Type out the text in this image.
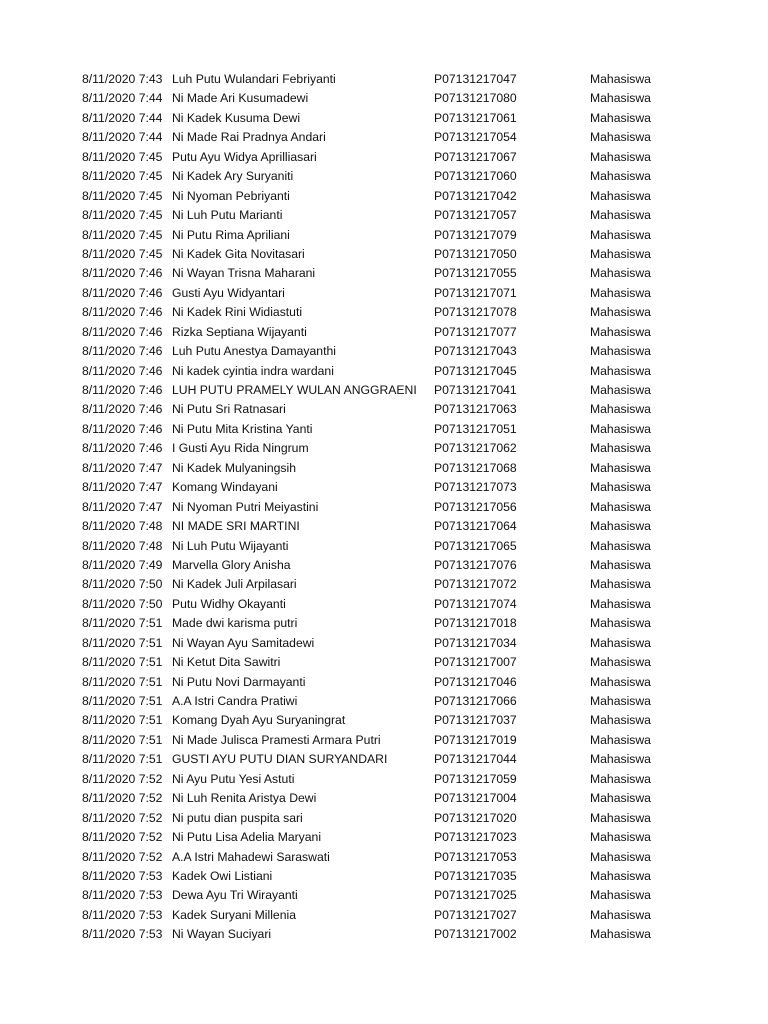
8/11/2020 7:43 Luh Putu Wulandari Febriyanti	P07131217047	Mahasiswa
8/11/2020 7:44 Ni Made Ari Kusumadewi	P07131217080	Mahasiswa
8/11/2020 7:44 Ni Kadek Kusuma Dewi	P07131217061	Mahasiswa
8/11/2020 7:44 Ni Made Rai Pradnya Andari	P07131217054	Mahasiswa
8/11/2020 7:45 Putu Ayu Widya Aprilliasari	P07131217067	Mahasiswa
8/11/2020 7:45 Ni Kadek Ary Suryaniti	P07131217060	Mahasiswa
8/11/2020 7:45 Ni Nyoman Pebriyanti	P07131217042	Mahasiswa
8/11/2020 7:45 Ni Luh Putu Marianti	P07131217057	Mahasiswa
8/11/2020 7:45 Ni Putu Rima Apriliani	P07131217079	Mahasiswa
8/11/2020 7:45 Ni Kadek Gita Novitasari	P07131217050	Mahasiswa
8/11/2020 7:46 Ni Wayan Trisna Maharani	P07131217055	Mahasiswa
8/11/2020 7:46 Gusti Ayu Widyantari	P07131217071	Mahasiswa
8/11/2020 7:46 Ni Kadek Rini Widiastuti	P07131217078	Mahasiswa
8/11/2020 7:46 Rizka Septiana Wijayanti	P07131217077	Mahasiswa
8/11/2020 7:46 Luh Putu Anestya Damayanthi	P07131217043	Mahasiswa
8/11/2020 7:46 Ni kadek cyintia indra wardani	P07131217045	Mahasiswa
8/11/2020 7:46 LUH PUTU PRAMELY WULAN ANGGRAENI	P07131217041	Mahasiswa
8/11/2020 7:46 Ni Putu Sri Ratnasari	P07131217063	Mahasiswa
8/11/2020 7:46 Ni Putu Mita Kristina Yanti	P07131217051	Mahasiswa
8/11/2020 7:46 I Gusti Ayu Rida Ningrum	P07131217062	Mahasiswa
8/11/2020 7:47 Ni Kadek Mulyaningsih	P07131217068	Mahasiswa
8/11/2020 7:47 Komang Windayani	P07131217073	Mahasiswa
8/11/2020 7:47 Ni Nyoman Putri Meiyastini	P07131217056	Mahasiswa
8/11/2020 7:48 NI MADE SRI MARTINI	P07131217064	Mahasiswa
8/11/2020 7:48 Ni Luh Putu Wijayanti	P07131217065	Mahasiswa
8/11/2020 7:49 Marvella Glory Anisha	P07131217076	Mahasiswa
8/11/2020 7:50 Ni Kadek Juli Arpilasari	P07131217072	Mahasiswa
8/11/2020 7:50 Putu Widhy Okayanti	P07131217074	Mahasiswa
8/11/2020 7:51 Made dwi karisma putri	P07131217018	Mahasiswa
8/11/2020 7:51 Ni Wayan Ayu Samitadewi	P07131217034	Mahasiswa
8/11/2020 7:51 Ni Ketut Dita Sawitri	P07131217007	Mahasiswa
8/11/2020 7:51 Ni Putu Novi Darmayanti	P07131217046	Mahasiswa
8/11/2020 7:51 A.A Istri Candra Pratiwi	P07131217066	Mahasiswa
8/11/2020 7:51 Komang Dyah Ayu Suryaningrat	P07131217037	Mahasiswa
8/11/2020 7:51 Ni Made Julisca Pramesti Armara Putri	P07131217019	Mahasiswa
8/11/2020 7:51 GUSTI AYU PUTU DIAN SURYANDARI	P07131217044	Mahasiswa
8/11/2020 7:52 Ni Ayu Putu Yesi Astuti	P07131217059	Mahasiswa
8/11/2020 7:52 Ni Luh Renita Aristya Dewi	P07131217004	Mahasiswa
8/11/2020 7:52 Ni putu dian puspita sari	P07131217020	Mahasiswa
8/11/2020 7:52 Ni Putu Lisa Adelia Maryani	P07131217023	Mahasiswa
8/11/2020 7:52 A.A Istri Mahadewi Saraswati	P07131217053	Mahasiswa
8/11/2020 7:53 Kadek Owi Listiani	P07131217035	Mahasiswa
8/11/2020 7:53 Dewa Ayu Tri Wirayanti	P07131217025	Mahasiswa
8/11/2020 7:53 Kadek Suryani Millenia	P07131217027	Mahasiswa
8/11/2020 7:53 Ni Wayan Suciyari	P07131217002	Mahasiswa
